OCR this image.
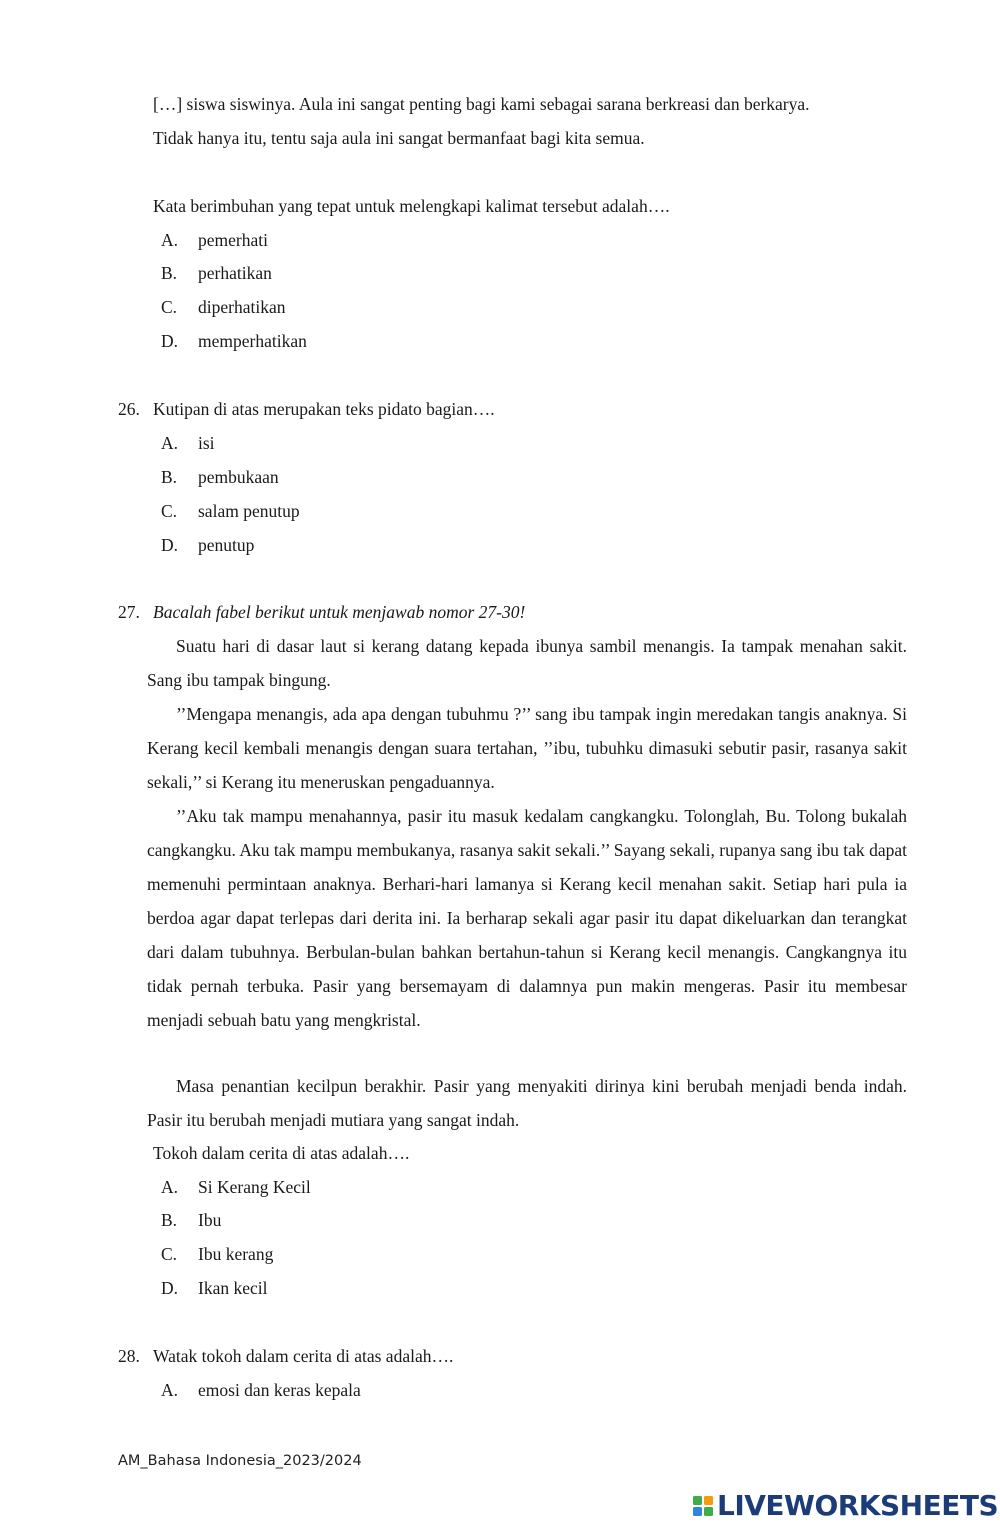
[…] siswa siswinya. Aula ini sangat penting bagi kami sebagai sarana berkreasi dan berkarya.
Tidak hanya itu, tentu saja aula ini sangat bermanfaat bagi kita semua.
Kata berimbuhan yang tepat untuk melengkapi kalimat tersebut adalah….
A. pemerhati
B. perhatikan
C. diperhatikan
D. memperhatikan
26. Kutipan di atas merupakan teks pidato bagian….
A. isi
B. pembukaan
C. salam penutup
D. penutup
27. Bacalah fabel berikut untuk menjawab nomor 27-30!

Suatu hari di dasar laut si kerang datang kepada ibunya sambil menangis. Ia tampak menahan sakit. Sang ibu tampak bingung.

’’Mengapa menangis, ada apa dengan tubuhmu ?’’ sang ibu tampak ingin meredakan tangis anaknya. Si Kerang kecil kembali menangis dengan suara tertahan, ’’ibu, tubuhku dimasuki sebutir pasir, rasanya sakit sekali,’’ si Kerang itu meneruskan pengaduannya.

’’Aku tak mampu menahannya, pasir itu masuk kedalam cangkangku. Tolonglah, Bu. Tolong bukalah cangkangku. Aku tak mampu membukanya, rasanya sakit sekali.’’ Sayang sekali, rupanya sang ibu tak dapat memenuhi permintaan anaknya. Berhari-hari lamanya si Kerang kecil menahan sakit. Setiap hari pula ia berdoa agar dapat terlepas dari derita ini. Ia berharap sekali agar pasir itu dapat dikeluarkan dan terangkat dari dalam tubuhnya. Berbulan-bulan bahkan bertahun-tahun si Kerang kecil menangis. Cangkangnya itu tidak pernah terbuka. Pasir yang bersemayam di dalamnya pun makin mengeras. Pasir itu membesar menjadi sebuah batu yang mengkristal.

Masa penantian kecilpun berakhir. Pasir yang menyakiti dirinya kini berubah menjadi benda indah. Pasir itu berubah menjadi mutiara yang sangat indah.

Tokoh dalam cerita di atas adalah….
A. Si Kerang Kecil
B. Ibu
C. Ibu kerang
D. Ikan kecil
28. Watak tokoh dalam cerita di atas adalah….
A. emosi dan keras kepala
AM_Bahasa Indonesia_2023/2024
LIVEWORKSHEETS
